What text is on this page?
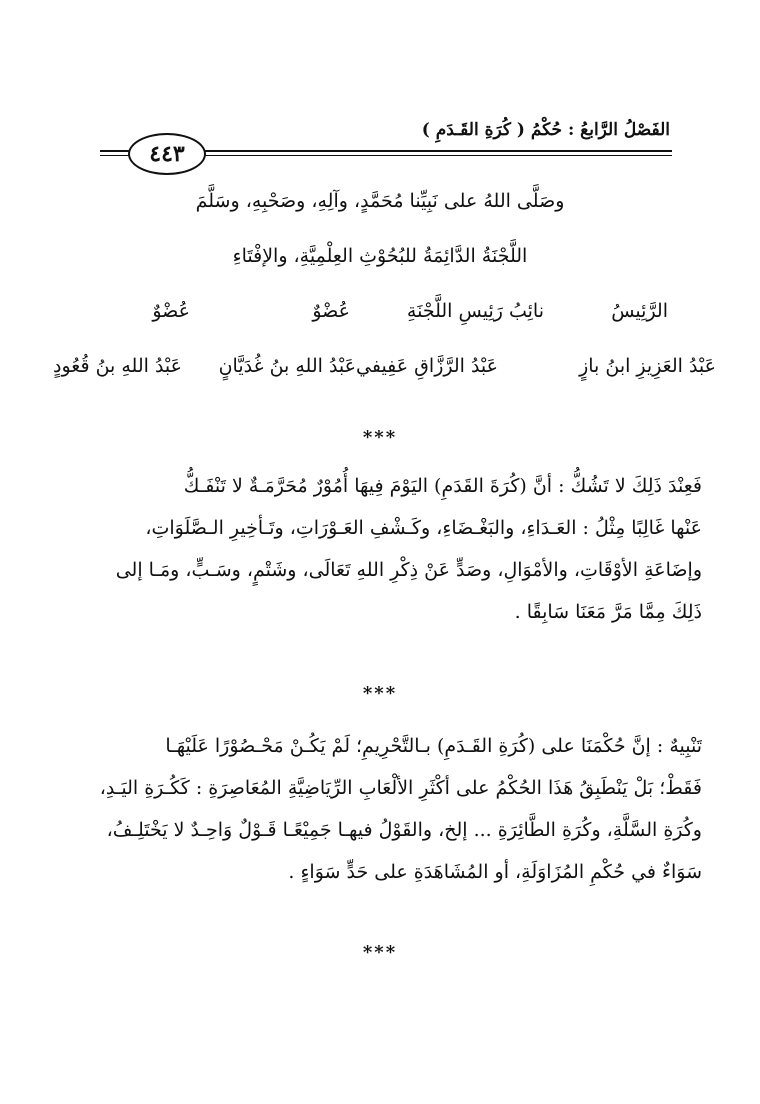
الفَصْلُ الرَّابعُ : حُكْمُ ( كُرَةِ القَـدَمِ )
٤٤٣
وصَلَّى اللهُ على نَبِيِّنا مُحَمَّدٍ، وآلِهِ، وصَحْبِهِ، وسَلَّمَ
اللَّجْنَةُ الدَّائِمَةُ للبُحُوْثِ العِلْمِيَّةِ، والإفْتَاءِ
الرَّئِيسُ
نائِبُ رَئِيسِ اللَّجْنَةِ
عُضْوٌ
عُضْوٌ
عَبْدُ العَزِيزِ ابنُ بازٍ
عَبْدُ الرَّزَّاقِ عَفِيفي
عَبْدُ اللهِ بنُ غُدَيَّانٍ
عَبْدُ اللهِ بنُ قُعُودٍ
***
فَعِنْدَ ذَلِكَ لا تَشُكُّ : أنَّ (كُرَةَ القَدَمِ) اليَوْمَ فِيهَا أُمُوْرٌ مُحَرَّمَـةٌ لا تَنْفَـكُّ
عَنْها غَالِبًا مِثْلُ : العَـدَاءِ، والبَغْـضَاءِ، وكَـشْفِ العَـوْرَاتِ، وتَـأخِيرِ الـصَّلَوَاتِ،
وإضَاعَةِ الأوْقَاتِ، والأمْوَالِ، وصَدٍّ عَنْ ذِكْرِ اللهِ تَعَالَى، وشَتْمٍ، وسَـبٍّ، ومَـا إلى
ذَلِكَ مِمَّا مَرَّ مَعَنَا سَابِقًا .
***
تَنْبِيهٌ : إنَّ حُكْمَنَا على (كُرَةِ القَـدَمِ) بـالتَّحْرِيمِ؛ لَمْ يَكُـنْ مَحْـصُوْرًا عَلَيْهَـا
فَقَطْ؛ بَلْ يَنْطَبِقُ هَذَا الحُكْمُ على أكْثَرِ الألْعَابِ الرِّيَاضِيَّةِ المُعَاصِرَةِ : كَكُـرَةِ اليَـدِ،
وكُرَةِ السَّلَّةِ، وكُرَةِ الطَّائِرَةِ ... إلخ، والقَوْلُ فيهـا جَمِيْعًـا قَـوْلٌ وَاحِـدٌ لا يَخْتَلِـفُ،
سَوَاءٌ في حُكْمِ المُزَاوَلَةِ، أو المُشَاهَدَةِ على حَدٍّ سَوَاءٍ .
***
